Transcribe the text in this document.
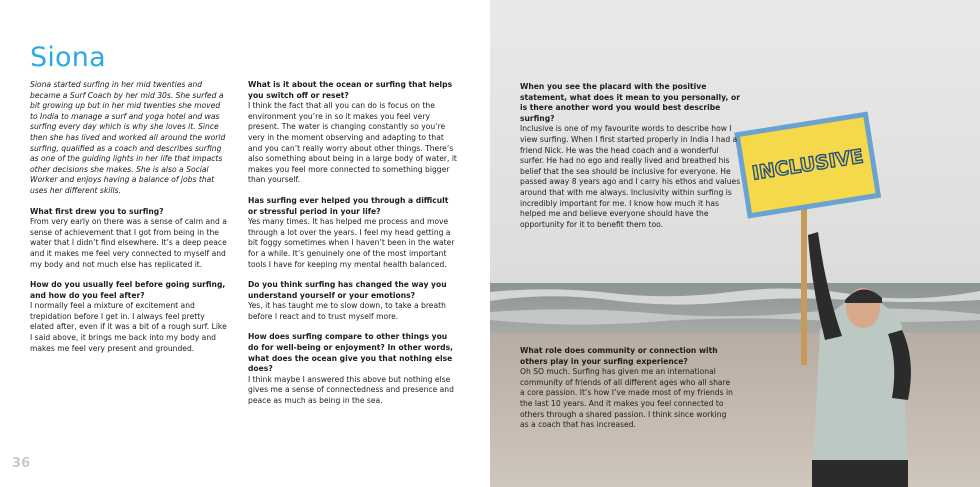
Siona

Siona started surfing in her mid twenties and became a Surf Coach by her mid 30s. She surfed a bit growing up but in her mid twenties she moved to India to manage a surf and yoga hotel and was surfing every day which is why she loves it. Since then she has lived and worked all around the world surfing, qualified as a coach and describes surfing as one of the guiding lights in her life that impacts other decisions she makes. She is also a Social Worker and enjoys having a balance of jobs that uses her different skills.

What first drew you to surfing?
From very early on there was a sense of calm and a sense of achievement that I got from being in the water that I didn’t find elsewhere. It’s a deep peace and it makes me feel very connected to myself and my body and not much else has replicated it.

How do you usually feel before going surfing, and how do you feel after?
I normally feel a mixture of excitement and trepidation before I get in. I always feel pretty elated after, even if it was a bit of a rough surf. Like I said above, it brings me back into my body and makes me feel very present and grounded.

What is it about the ocean or surfing that helps you switch off or reset?
I think the fact that all you can do is focus on the environment you’re in so it makes you feel very present. The water is changing constantly so you’re very in the moment observing and adapting to that and you can’t really worry about other things. There’s also something about being in a large body of water, it makes you feel more connected to something bigger than yourself.

Has surfing ever helped you through a difficult or stressful period in your life?
Yes many times. It has helped me process and move through a lot over the years. I feel my head getting a bit foggy sometimes when I haven’t been in the water for a while. It’s genuinely one of the most important tools I have for keeping my mental health balanced.

Do you think surfing has changed the way you understand yourself or your emotions?
Yes, it has taught me to slow down, to take a breath before I react and to trust myself more.

How does surfing compare to other things you do for well-being or enjoyment? In other words, what does the ocean give you that nothing else does?
I think maybe I answered this above but nothing else gives me a sense of connectedness and presence and peace as much as being in the sea.

36
INCLUSIVE
When you see the placard with the positive statement, what does it mean to you personally, or is there another word you would best describe surfing?
Inclusive is one of my favourite words to describe how I view surfing. When I first started properly in India I had a friend Nick. He was the head coach and a wonderful surfer. He had no ego and really lived and breathed his belief that the sea should be inclusive for everyone. He passed away 8 years ago and I carry his ethos and values around that with me always. Inclusivity within surfing is incredibly important for me. I know how much it has helped me and believe everyone should have the opportunity for it to benefit them too.
What role does community or connection with others play in your surfing experience?
Oh SO much. Surfing has given me an international community of friends of all different ages who all share a core passion. It’s how I’ve made most of my friends in the last 10 years. And it makes you feel connected to others through a shared passion. I think since working as a coach that has increased.
